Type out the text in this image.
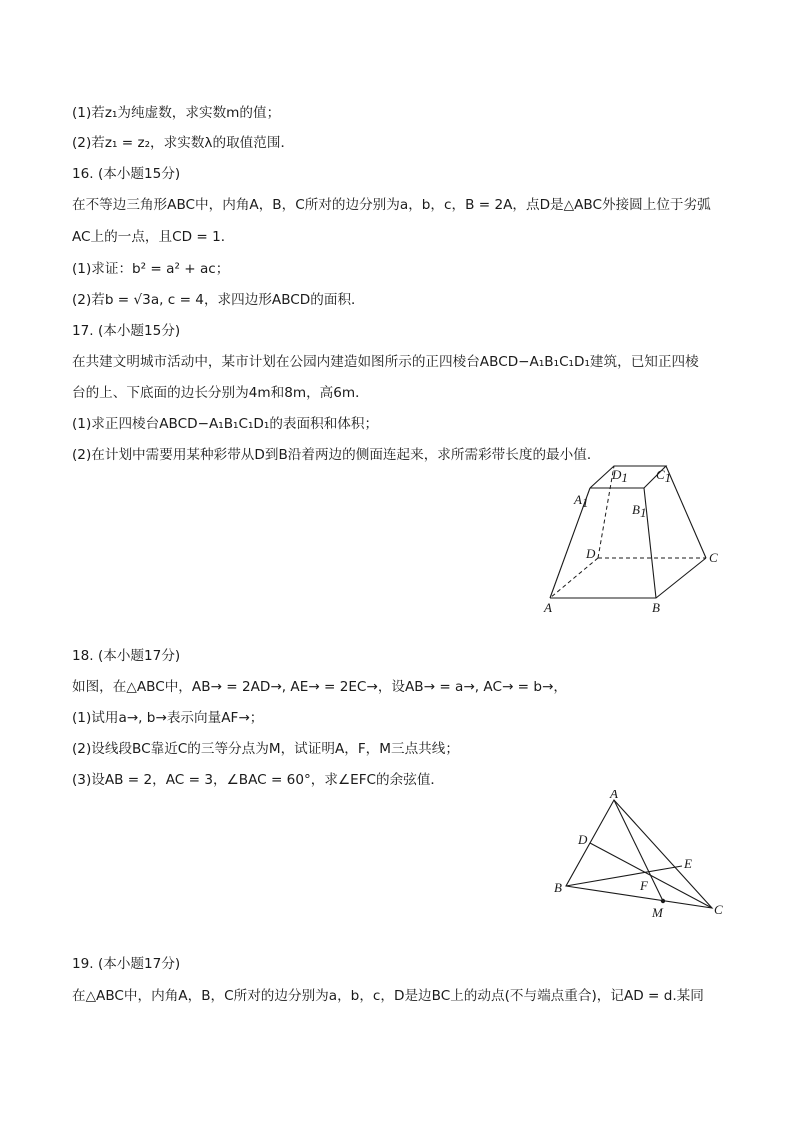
(1)若z₁为纯虚数，求实数m的值；
(2)若z₁ = z₂，求实数λ的取值范围．
16. (本小题15分)
在不等边三角形ABC中，内角A，B，C所对的边分别为a，b，c，B = 2A，点D是△ABC外接圆上位于劣弧
AC上的一点，且CD = 1．
(1)求证：b² = a² + ac；
(2)若b = √3a, c = 4，求四边形ABCD的面积．
17. (本小题15分)
在共建文明城市活动中，某市计划在公园内建造如图所示的正四棱台ABCD−A₁B₁C₁D₁建筑，已知正四棱
台的上、下底面的边长分别为4m和8m，高6m．
(1)求正四棱台ABCD−A₁B₁C₁D₁的表面积和体积；
(2)在计划中需要用某种彩带从D到B沿着两边的侧面连起来，求所需彩带长度的最小值．
A1
D1 C1
B1
D	C
A	B
18. (本小题17分)
如图，在△ABC中，AB→ = 2AD→, AE→ = 2EC→，设AB→ = a→, AC→ = b→，
(1)试用a→, b→表示向量AF→；
(2)设线段BC靠近C的三等分点为M，试证明A，F，M三点共线；
(3)设AB = 2，AC = 3，∠BAC = 60°，求∠EFC的余弦值．
A
D
E
F
B
M	C
19. (本小题17分)
在△ABC中，内角A，B，C所对的边分别为a，b，c，D是边BC上的动点(不与端点重合)，记AD = d.某同
